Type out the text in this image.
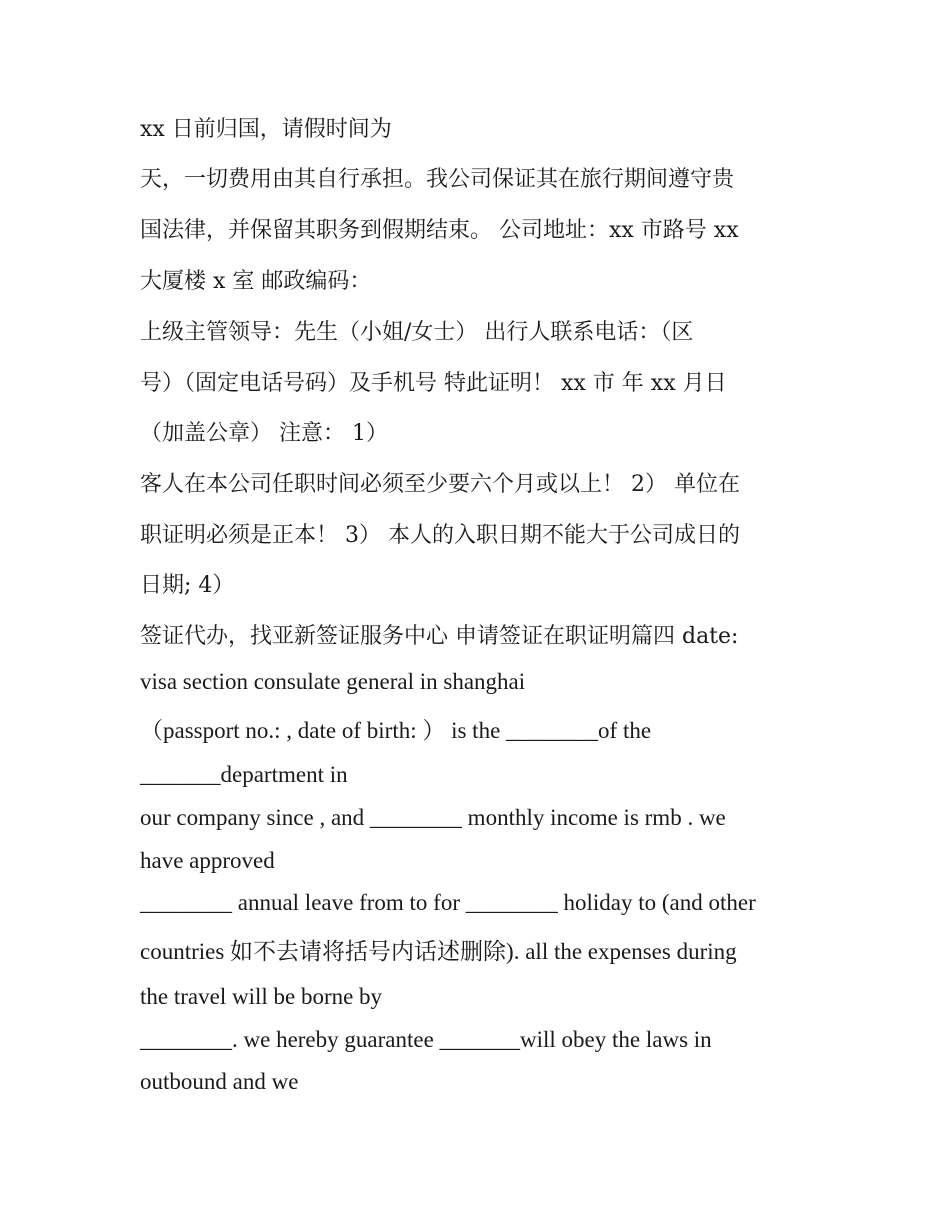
xx 日前归国，请假时间为

天，一切费用由其自行承担。我公司保证其在旅行期间遵守贵

国法律，并保留其职务到假期结束。 公司地址：xx 市路号 xx

大厦楼 x 室 邮政编码：

上级主管领导：先生（小姐/女士） 出行人联系电话：（区

号）（固定电话号码）及手机号 特此证明！ xx 市 年 xx 月日

（加盖公章） 注意： 1）

客人在本公司任职时间必须至少要六个月或以上！ 2） 单位在

职证明必须是正本！ 3） 本人的入职日期不能大于公司成日的

日期; 4）

签证代办，找亚新签证服务中心 申请签证在职证明篇四 date:

visa section consulate general in shanghai

（passport no.: , date of birth: ） is the ________of the

_______department in

our company since , and ________ monthly income is rmb . we

have approved

________ annual leave from to for ________ holiday to (and other

countries 如不去请将括号内话述删除). all the expenses during

the travel will be borne by

________. we hereby guarantee _______will obey the laws in

outbound and we
